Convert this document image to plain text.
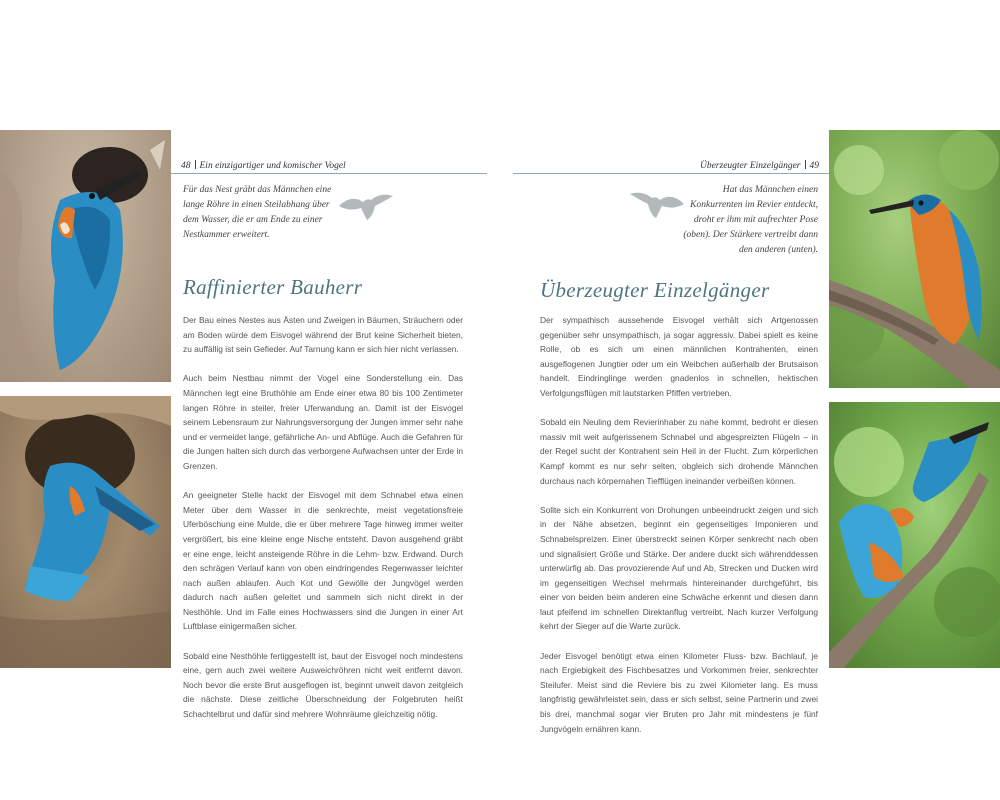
48 Ein einzigartiger und komischer Vogel	Überzeugter Einzelgänger 49
Für das Nest gräbt das Männchen eine lange Röhre in einen Steilabhang über dem Wasser, die er am Ende zu einer Nestkammer erweitert.
Hat das Männchen einen Konkurrenten im Revier entdeckt, droht er ihm mit aufrechter Pose (oben). Der Stärkere vertreibt dann den anderen (unten).
Raffinierter Bauherr	Überzeugter Einzelgänger

Der Bau eines Nestes aus Ästen und Zweigen in Bäumen, Sträuchern oder am Boden würde dem Eisvogel während der Brut keine Sicherheit bieten, zu auffällig ist sein Gefieder. Auf Tarnung kann er sich hier nicht verlassen.

Auch beim Nestbau nimmt der Vogel eine Sonderstellung ein. Das Männchen legt eine Bruthöhle am Ende einer etwa 80 bis 100 Zentimeter langen Röhre in steiler, freier Uferwandung an. Damit ist der Eisvogel seinem Lebensraum zur Nahrungsversorgung der Jungen immer sehr nahe und er vermeidet lange, gefährliche An- und Abflüge. Auch die Gefahren für die Jungen halten sich durch das verborgene Aufwachsen unter der Erde in Grenzen.

An geeigneter Stelle hackt der Eisvogel mit dem Schnabel etwa einen Meter über dem Wasser in die senkrechte, meist vegetationsfreie Uferböschung eine Mulde, die er über mehrere Tage hinweg immer weiter vergrößert, bis eine kleine enge Nische entsteht. Davon ausgehend gräbt er eine enge, leicht ansteigende Röhre in die Lehm- bzw. Erdwand. Durch den schrägen Verlauf kann von oben eindringendes Regenwasser leichter nach außen ablaufen. Auch Kot und Gewölle der Jungvögel werden dadurch nach außen geleitet und sammeln sich nicht direkt in der Nesthöhle. Und im Falle eines Hochwassers sind die Jungen in einer Art Luftblase einigermaßen sicher.

Sobald eine Nesthöhle fertiggestellt ist, baut der Eisvogel noch mindestens eine, gern auch zwei weitere Ausweichröhren nicht weit entfernt davon. Noch bevor die erste Brut ausgeflogen ist, beginnt unweit davon zeitgleich die nächste. Diese zeitliche Überschneidung der Folgebruten heißt Schachtelbrut und dafür sind mehrere Wohnräume gleichzeitig nötig.

Der sympathisch aussehende Eisvogel verhält sich Artgenossen gegenüber sehr unsympathisch, ja sogar aggressiv. Dabei spielt es keine Rolle, ob es sich um einen männlichen Kontrahenten, einen ausgeflogenen Jungtier oder um ein Weibchen außerhalb der Brutsaison handelt. Eindringlinge werden gnadenlos in schnellen, hektischen Verfolgungsflügen mit lautstarken Pfiffen vertrieben.

Sobald ein Neuling dem Revierinhaber zu nahe kommt, bedroht er diesen massiv mit weit aufgerissenem Schnabel und abgespreizten Flügeln – in der Regel sucht der Kontrahent sein Heil in der Flucht. Zum körperlichen Kampf kommt es nur sehr selten, obgleich sich drohende Männchen durchaus nach körpernahen Tiefflügen ineinander verbeißen können.

Sollte sich ein Konkurrent von Drohungen unbeeindruckt zeigen und sich in der Nähe absetzen, beginnt ein gegenseitiges Imponieren und Schnabelspreizen. Einer überstreckt seinen Körper senkrecht nach oben und signalisiert Größe und Stärke. Der andere duckt sich währenddessen unterwürfig ab. Das provozierende Auf und Ab, Strecken und Ducken wird im gegenseitigen Wechsel mehrmals hintereinander durchgeführt, bis einer von beiden beim anderen eine Schwäche erkennt und diesen dann laut pfeifend im schnellen Direktanflug vertreibt. Nach kurzer Verfolgung kehrt der Sieger auf die Warte zurück.

Jeder Eisvogel benötigt etwa einen Kilometer Fluss- bzw. Bachlauf, je nach Ergiebigkeit des Fischbesatzes und Vorkommen freier, senkrechter Steilufer. Meist sind die Reviere bis zu zwei Kilometer lang. Es muss langfristig gewährleistet sein, dass er sich selbst, seine Partnerin und zwei bis drei, manchmal sogar vier Bruten pro Jahr mit mindestens je fünf Jungvögeln ernähren kann.
